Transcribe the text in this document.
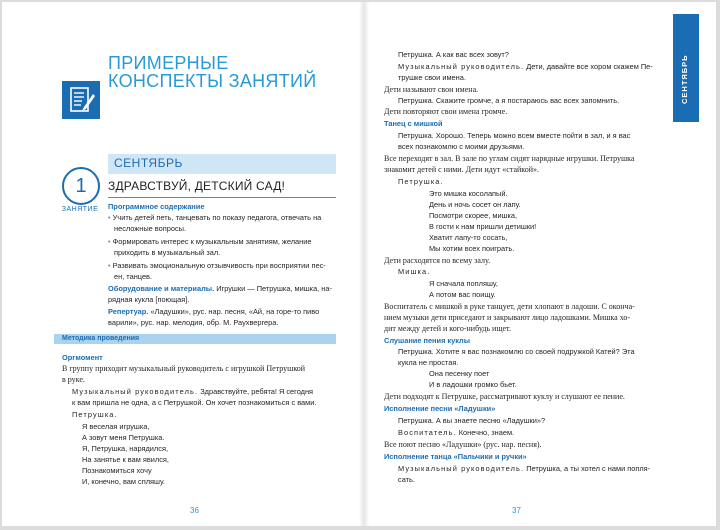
ПРИМЕРНЫЕ
КОНСПЕКТЫ ЗАНЯТИЙ
1
ЗАНЯТИЕ
СЕНТЯБРЬ
ЗДРАВСТВУЙ, ДЕТСКИЙ САД!
Программное содержание
• Учить детей петь, танцевать по показу педагога, отвечать на
несложные вопросы.
• Формировать интерес к музыкальным занятиям, желание
приходить в музыкальный зал.
• Развивать эмоциональную отзывчивость при восприятии пес-
ен, танцев.
Оборудование и материалы. Игрушки — Петрушка, мишка, на-
рядная кукла [поющая].
Репертуар. «Ладушки», рус. нар. песня, «Ай, на горе-то пиво
варили», рус. нар. мелодия, обр. М. Раухвергера.
Методика проведения
Оргмомент
В группу приходит музыкальный руководитель с игрушкой Петрушкой
в руке.
Музыкальный руководитель. Здравствуйте, ребята! Я сегодня
к вам пришла не одна, а с Петрушкой. Он хочет познакомиться с вами.
Петрушка.
Я веселая игрушка,
А зовут меня Петрушка.
Я, Петрушка, нарядился,
На занятье к вам явился,
Познакомиться хочу
И, конечно, вам спляшу.
36
СЕНТЯБРЬ
Петрушка. А как вас всех зовут?
Музыкальный руководитель. Дети, давайте все хором скажем Пе-
трушке свои имена.
Дети называют свои имена.
Петрушка. Скажите громче, а я постараюсь вас всех запомнить.
Дети повторяют свои имена громче.
Танец с мишкой
Петрушка. Хорошо. Теперь можно всем вместе пойти в зал, и я вас
всех познакомлю с моими друзьями.
Все переходят в зал. В зале по углам сидят нарядные игрушки. Петрушка
знакомит детей с ними. Дети идут «стайкой».
Петрушка.
Это мишка косолапый.
День и ночь сосет он лапу.
Посмотри скорее, мишка,
В гости к нам пришли детишки!
Хватит лапу-то сосать,
Мы хотим всех поиграть.
Дети расходятся по всему залу.
Мишка.
Я сначала попляшу,
А потом вас поищу.
Воспитатель с мишкой в руке танцует, дети хлопают в ладоши. С оконча-
нием музыки дети приседают и закрывают лицо ладошками. Мишка хо-
дит между детей и кого-нибудь ищет.
Слушание пения куклы
Петрушка. Хотите я вас познакомлю со своей подружкой Катей? Эта
кукла не простая.
Она песенку поет
И в ладошки громко бьет.
Дети подходят к Петрушке, рассматривают куклу и слушают ее пение.
Исполнение песни «Ладушки»
Петрушка. А вы знаете песню «Ладушки»?
Воспитатель. Конечно, знаем.
Все поют песню «Ладушки» (рус. нар. песня).
Исполнение танца «Пальчики и ручки»
Музыкальный руководитель. Петрушка, а ты хотел с нами попля-
сать.
37
